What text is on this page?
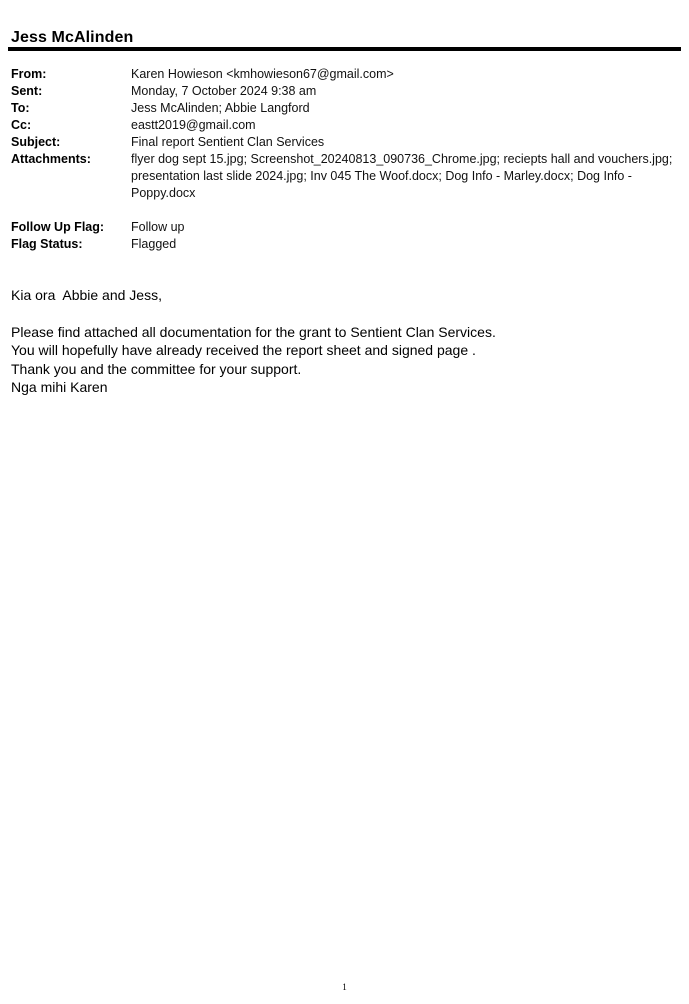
Jess McAlinden
From:	Karen Howieson <kmhowieson67@gmail.com>
Sent:	Monday, 7 October 2024 9:38 am
To:	Jess McAlinden; Abbie Langford
Cc:	eastt2019@gmail.com
Subject:	Final report Sentient Clan Services
Attachments:	flyer dog sept 15.jpg; Screenshot_20240813_090736_Chrome.jpg; reciepts hall and vouchers.jpg; presentation last slide 2024.jpg; Inv 045 The Woof.docx; Dog Info - Marley.docx; Dog Info - Poppy.docx
Follow Up Flag:	Follow up
Flag Status:	Flagged
Kia ora  Abbie and Jess,
Please find attached all documentation for the grant to Sentient Clan Services.
You will hopefully have already received the report sheet and signed page .
Thank you and the committee for your support.
Nga mihi Karen
1
